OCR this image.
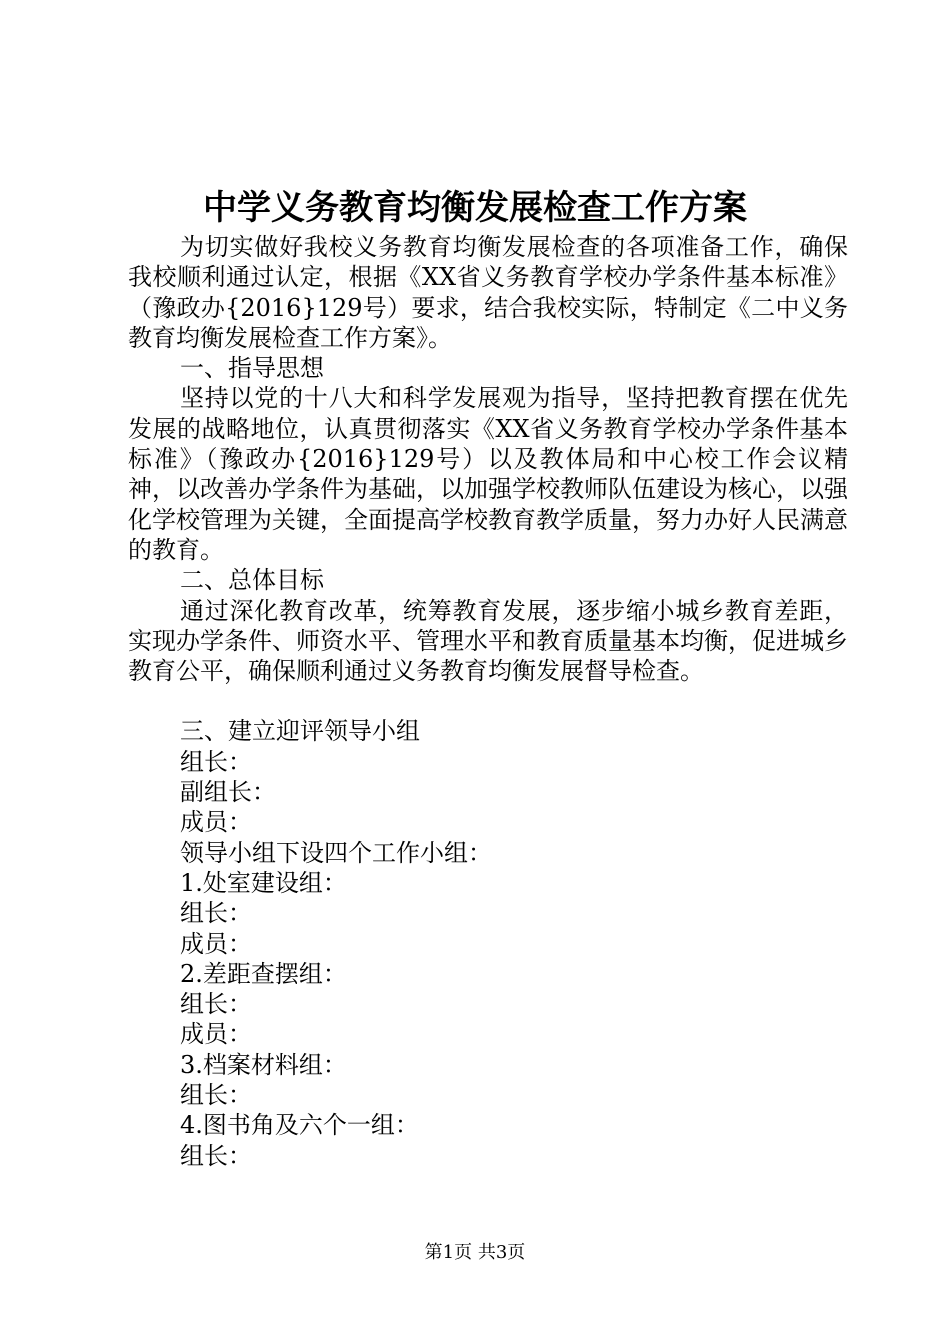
中学义务教育均衡发展检查工作方案

为切实做好我校义务教育均衡发展检查的各项准备工作，确保我校顺利通过认定，根据《XX省义务教育学校办学条件基本标准》（豫政办{2016}129号）要求，结合我校实际，特制定《二中义务教育均衡发展检查工作方案》。

一、指导思想

坚持以党的十八大和科学发展观为指导，坚持把教育摆在优先发展的战略地位，认真贯彻落实《XX省义务教育学校办学条件基本标准》（豫政办{2016}129号）以及教体局和中心校工作会议精神，以改善办学条件为基础，以加强学校教师队伍建设为核心，以强化学校管理为关键，全面提高学校教育教学质量，努力办好人民满意的教育。

二、总体目标

通过深化教育改革，统筹教育发展，逐步缩小城乡教育差距，实现办学条件、师资水平、管理水平和教育质量基本均衡，促进城乡教育公平，确保顺利通过义务教育均衡发展督导检查。

三、建立迎评领导小组

组长：

副组长：

成员：

领导小组下设四个工作小组：

1.处室建设组：

组长：

成员：

2.差距查摆组：

组长：

成员：

3.档案材料组：

组长：

4.图书角及六个一组：

组长：

第1页 共3页
